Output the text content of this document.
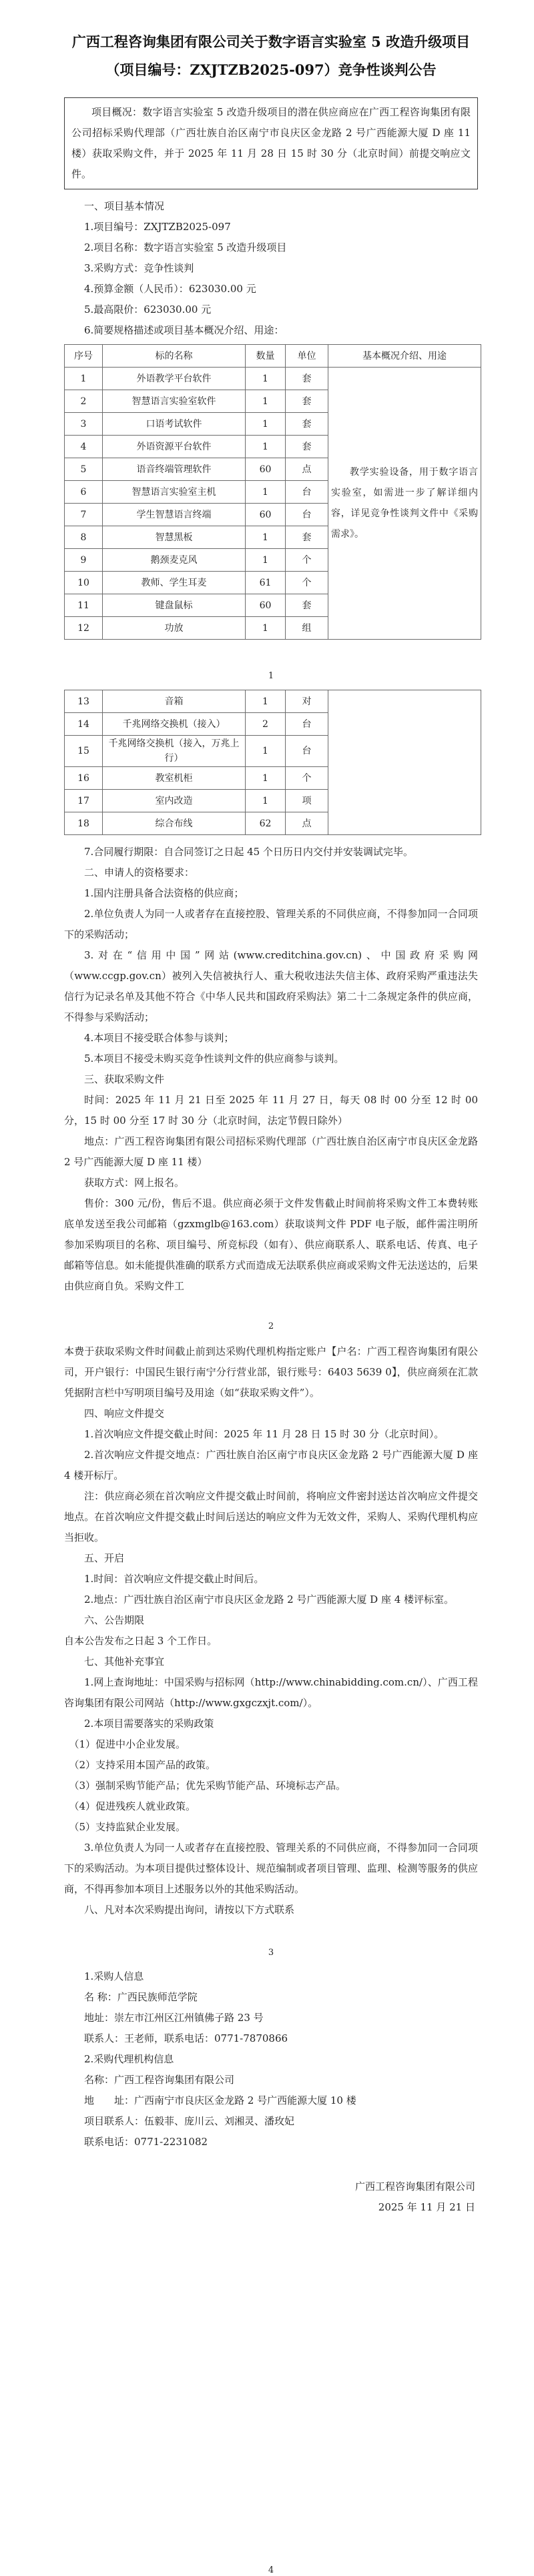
广西工程咨询集团有限公司关于数字语言实验室 5 改造升级项目
（项目编号：ZXJTZB2025-097）竞争性谈判公告

项目概况：数字语言实验室 5 改造升级项目的潜在供应商应在广西工程咨询集团有限公司招标采购代理部（广西壮族自治区南宁市良庆区金龙路 2 号广西能源大厦 D 座 11 楼）获取采购文件，并于 2025 年 11 月 28 日 15 时 30 分（北京时间）前提交响应文件。

一、项目基本情况

1.项目编号：ZXJTZB2025-097

2.项目名称：数字语言实验室 5 改造升级项目

3.采购方式：竞争性谈判

4.预算金额（人民币）：623030.00 元

5.最高限价：623030.00 元

6.简要规格描述或项目基本概况介绍、用途：

序号	标的名称	数量	单位	基本概况介绍、用途
1	外语教学平台软件	1	套	教学实验设备，用于数字语言实验室，如需进一步了解详细内容，详见竞争性谈判文件中《采购需求》。

2	智慧语言实验室软件	1	套	
3	口语考试软件	1	套	
4	外语资源平台软件	1	套	
5	语音终端管理软件	60	点	
6	智慧语言实验室主机	1	台	
7	学生智慧语言终端	60	台	
8	智慧黑板	1	套	
9	鹅颈麦克风	1	个	
10	教师、学生耳麦	61	个	
11	键盘鼠标	60	套	
12	功放	1	组	
1
13	音箱	1	对	
14	千兆网络交换机（接入）	2	台	
15	千兆网络交换机（接入，万兆上行）	1	台	
16	教室机柜	1	个	
17	室内改造	1	项	
18	综合布线	62	点	

7.合同履行期限：自合同签订之日起 45 个日历日内交付并安装调试完毕。

二、申请人的资格要求：

1.国内注册具备合法资格的供应商；

2.单位负责人为同一人或者存在直接控股、管理关系的不同供应商，不得参加同一合同项下的采购活动；

3.对在“信用中国”网站(www.creditchina.gov.cn)、中国政府采购网（www.ccgp.gov.cn）被列入失信被执行人、重大税收违法失信主体、政府采购严重违法失信行为记录名单及其他不符合《中华人民共和国政府采购法》第二十二条规定条件的供应商，不得参与采购活动；

4.本项目不接受联合体参与谈判；

5.本项目不接受未购买竞争性谈判文件的供应商参与谈判。

三、获取采购文件

时间：2025 年 11 月 21 日至 2025 年 11 月 27 日，每天 08 时 00 分至 12 时 00 分，15 时 00 分至 17 时 30 分（北京时间，法定节假日除外）

地点：广西工程咨询集团有限公司招标采购代理部（广西壮族自治区南宁市良庆区金龙路 2 号广西能源大厦 D 座 11 楼）

获取方式：网上报名。

售价：300 元/份，售后不退。供应商必须于文件发售截止时间前将采购文件工本费转账底单发送至我公司邮箱（gzxmglb@163.com）获取谈判文件 PDF 电子版，邮件需注明所参加采购项目的名称、项目编号、所竞标段（如有）、供应商联系人、联系电话、传真、电子邮箱等信息。如未能提供准确的联系方式而造成无法联系供应商或采购文件无法送达的，后果由供应商自负。采购文件工

2

本费于获取采购文件时间截止前到达采购代理机构指定账户【户名：广西工程咨询集团有限公司，开户银行：中国民生银行南宁分行营业部，银行账号：6403 5639 0】，供应商须在汇款凭据附言栏中写明项目编号及用途（如“获取采购文件”）。

四、响应文件提交

1.首次响应文件提交截止时间：2025 年 11 月 28 日 15 时 30 分（北京时间）。

2.首次响应文件提交地点：广西壮族自治区南宁市良庆区金龙路 2 号广西能源大厦 D 座 4 楼开标厅。

注：供应商必须在首次响应文件提交截止时间前，将响应文件密封送达首次响应文件提交地点。在首次响应文件提交截止时间后送达的响应文件为无效文件，采购人、采购代理机构应当拒收。

五、开启

1.时间：首次响应文件提交截止时间后。

2.地点：广西壮族自治区南宁市良庆区金龙路 2 号广西能源大厦 D 座 4 楼评标室。

六、公告期限

自本公告发布之日起 3 个工作日。

七、其他补充事宜

1.网上查询地址：中国采购与招标网（http://www.chinabidding.com.cn/）、广西工程咨询集团有限公司网站（http://www.gxgczxjt.com/）。

2.本项目需要落实的采购政策

（1）促进中小企业发展。

（2）支持采用本国产品的政策。

（3）强制采购节能产品；优先采购节能产品、环境标志产品。

（4）促进残疾人就业政策。

（5）支持监狱企业发展。

3.单位负责人为同一人或者存在直接控股、管理关系的不同供应商，不得参加同一合同项下的采购活动。为本项目提供过整体设计、规范编制或者项目管理、监理、检测等服务的供应商，不得再参加本项目上述服务以外的其他采购活动。

八、凡对本次采购提出询问，请按以下方式联系

3

1.采购人信息

名 称：广西民族师范学院

地址：崇左市江州区江州镇佛子路 23 号

联系人：王老师，联系电话：0771-7870866

2.采购代理机构信息

名称：广西工程咨询集团有限公司

地　　址：广西南宁市良庆区金龙路 2 号广西能源大厦 10 楼

项目联系人：伍毅菲、庞川云、刘湘灵、潘玫妃

联系电话：0771-2231082

广西工程咨询集团有限公司
2025 年 11 月 21 日
4
